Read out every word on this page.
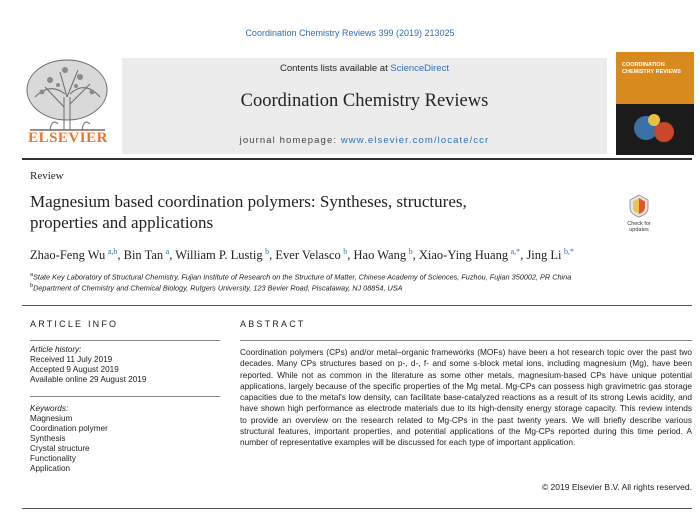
Coordination Chemistry Reviews 399 (2019) 213025
ELSEVIER
Contents lists available at ScienceDirect
Coordination Chemistry Reviews
journal homepage: www.elsevier.com/locate/ccr
COORDINATION
CHEMISTRY REVIEWS
Review
Magnesium based coordination polymers: Syntheses, structures,
properties and applications	Check for
updates
Zhao-Feng Wu  $^{a,b}$, Bin Tan  $^a$, William P. Lustig  $^b$, Ever Velasco  $^b$, Hao Wang  $^b$, Xiao-Ying Huang  $^{a,*}$, Jing Li  $^{b,*}$
$^a$State Key Laboratory of Structural Chemistry, Fujian Institute of Research on the Structure of Matter, Chinese Academy of Sciences, Fuzhou, Fujian 350002, PR China
$^b$Department of Chemistry and Chemical Biology, Rutgers University, 123 Bevier Road, Piscataway, NJ 08854, USA
ARTICLE INFO	ABSTRACT
Article history:
Received 11 July 2019
Accepted 9 August 2019
Available online 29 August 2019
Keywords:
Magnesium
Coordination polymer
Synthesis
Crystal structure
Functionality
Application
Coordination polymers (CPs) and/or metal–organic frameworks (MOFs) have been a hot research topic over the past two decades. Many CPs structures based on p-, d-, f- and some s-block metal ions, including magnesium (Mg), have been reported. While not as common in the literature as some other metals, magnesium-based CPs have unique potential applications, largely because of the specific properties of the Mg metal. Mg-CPs can possess high gravimetric gas storage capacities due to the metal's low density, can facilitate base-catalyzed reactions as a result of its strong Lewis acidity, and have shown high performance as electrode materials due to its high-density energy storage capacity. This review intends to provide an overview on the research related to Mg-CPs in the past twenty years. We will briefly describe various structural features, important properties, and potential applications of the Mg-CPs reported during this time period. A number of representative examples will be discussed for each type of important application.
© 2019 Elsevier B.V. All rights reserved.
